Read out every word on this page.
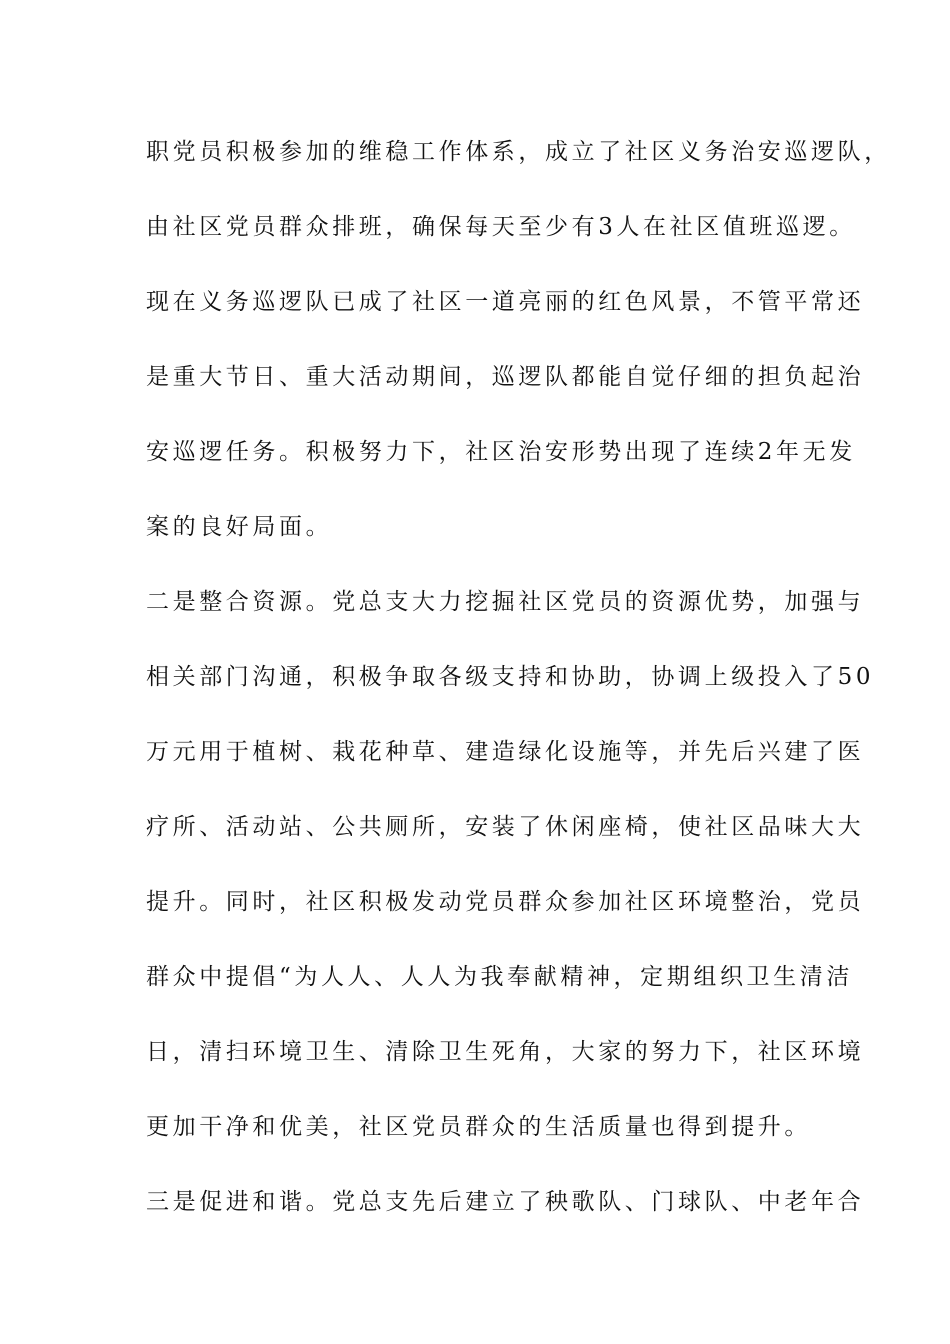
职党员积极参加的维稳工作体系，成立了社区义务治安巡逻队，
由社区党员群众排班，确保每天至少有3人在社区值班巡逻。
现在义务巡逻队已成了社区一道亮丽的红色风景，不管平常还
是重大节日、重大活动期间，巡逻队都能自觉仔细的担负起治
安巡逻任务。积极努力下，社区治安形势出现了连续2年无发
案的良好局面。
二是整合资源。党总支大力挖掘社区党员的资源优势，加强与
相关部门沟通，积极争取各级支持和协助，协调上级投入了50
万元用于植树、栽花种草、建造绿化设施等，并先后兴建了医
疗所、活动站、公共厕所，安装了休闲座椅，使社区品味大大
提升。同时，社区积极发动党员群众参加社区环境整治，党员
群众中提倡“为人人、人人为我奉献精神，定期组织卫生清洁
日，清扫环境卫生、清除卫生死角，大家的努力下，社区环境
更加干净和优美，社区党员群众的生活质量也得到提升。
三是促进和谐。党总支先后建立了秧歌队、门球队、中老年合
